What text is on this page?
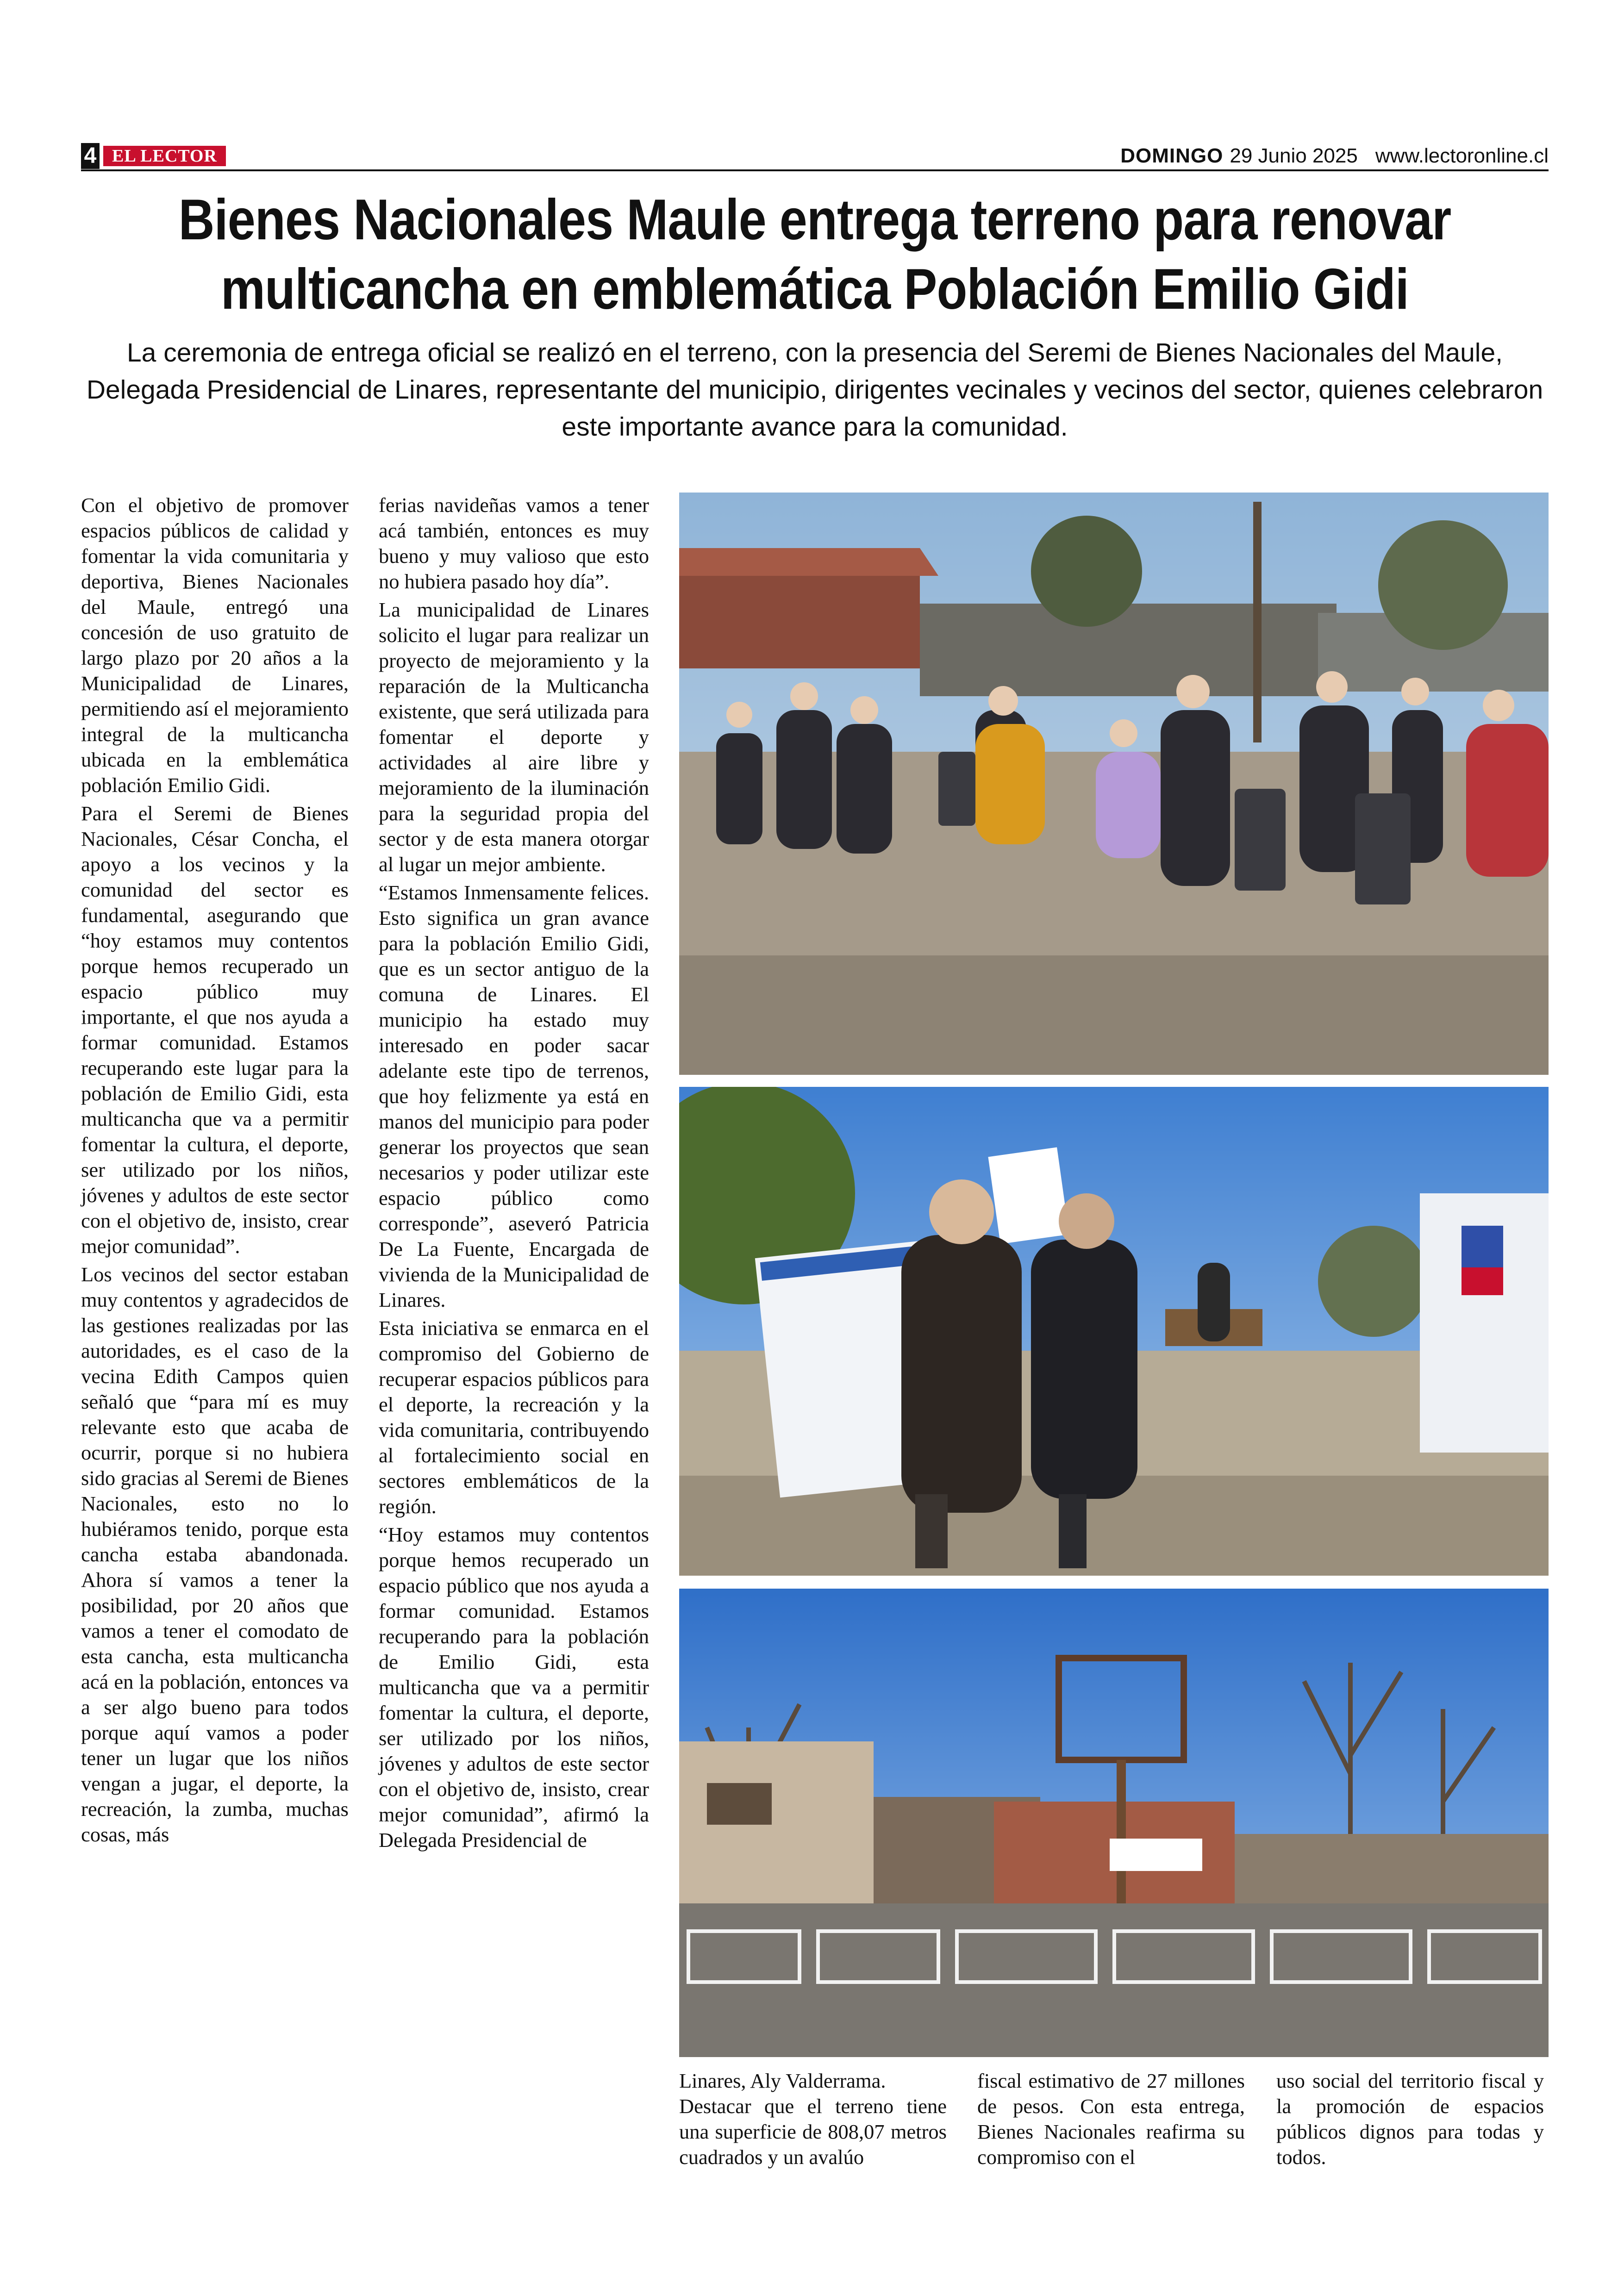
4 EL LECTOR	DOMINGO 29 Junio 2025 www.lectoronline.cl
Bienes Nacionales Maule entrega terreno para renovar
multicancha en emblemática Población Emilio Gidi
La ceremonia de entrega oficial se realizó en el terreno, con la presencia del Seremi de Bienes Nacionales del Maule, Delegada Presidencial de Linares, representante del municipio, dirigentes vecinales y vecinos del sector, quienes celebraron este importante avance para la comunidad.

Con el objetivo de promover espacios públicos de calidad y fomentar la vida comunitaria y deportiva, Bienes Nacionales del Maule, entregó una concesión de uso gratuito de largo plazo por 20 años a la Municipalidad de Linares, permitiendo así el mejoramiento integral de la multicancha ubicada en la emblemática población Emilio Gidi.

Para el Seremi de Bienes Nacionales, César Concha, el apoyo a los vecinos y la comunidad del sector es fundamental, asegurando que “hoy estamos muy contentos porque hemos recuperado un espacio público muy importante, el que nos ayuda a formar comunidad. Estamos recuperando este lugar para la población de Emilio Gidi, esta multicancha que va a permitir fomentar la cultura, el deporte, ser utilizado por los niños, jóvenes y adultos de este sector con el objetivo de, insisto, crear mejor comunidad”.

Los vecinos del sector estaban muy contentos y agradecidos de las gestiones realizadas por las autoridades, es el caso de la vecina Edith Campos quien señaló que “para mí es muy relevante esto que acaba de ocurrir, porque si no hubiera sido gracias al Seremi de Bienes Nacionales, esto no lo hubiéramos tenido, porque esta cancha estaba abandonada. Ahora sí vamos a tener la posibilidad, por 20 años que vamos a tener el comodato de esta cancha, esta multicancha acá en la población, entonces va a ser algo bueno para todos porque aquí vamos a poder tener un lugar que los niños vengan a jugar, el deporte, la recreación, la zumba, muchas cosas, más

ferias navideñas vamos a tener acá también, entonces es muy bueno y muy valioso que esto no hubiera pasado hoy día”.

La municipalidad de Linares solicito el lugar para realizar un proyecto de mejoramiento y la reparación de la Multicancha existente, que será utilizada para fomentar el deporte y actividades al aire libre y mejoramiento de la iluminación para la seguridad propia del sector y de esta manera otorgar al lugar un mejor ambiente.

“Estamos Inmensamente felices. Esto significa un gran avance para la población Emilio Gidi, que es un sector antiguo de la comuna de Linares. El municipio ha estado muy interesado en poder sacar adelante este tipo de terrenos, que hoy felizmente ya está en manos del municipio para poder generar los proyectos que sean necesarios y poder utilizar este espacio público como corresponde”, aseveró Patricia De La Fuente, Encargada de vivienda de la Municipalidad de Linares.

Esta iniciativa se enmarca en el compromiso del Gobierno de recuperar espacios públicos para el deporte, la recreación y la vida comunitaria, contribuyendo al fortalecimiento social en sectores emblemáticos de la región.

“Hoy estamos muy contentos porque hemos recuperado un espacio público que nos ayuda a formar comunidad. Estamos recuperando para la población de Emilio Gidi, esta multicancha que va a permitir fomentar la cultura, el deporte, ser utilizado por los niños, jóvenes y adultos de este sector con el objetivo de, insisto, crear mejor comunidad”, afirmó la Delegada Presidencial de

Linares, Aly Valderrama.

Destacar que el terreno tiene una superficie de 808,07 metros cuadrados y un avalúo

fiscal estimativo de 27 millones de pesos. Con esta entrega, Bienes Nacionales reafirma su compromiso con el

uso social del territorio fiscal y la promoción de espacios públicos dignos para todas y todos.
